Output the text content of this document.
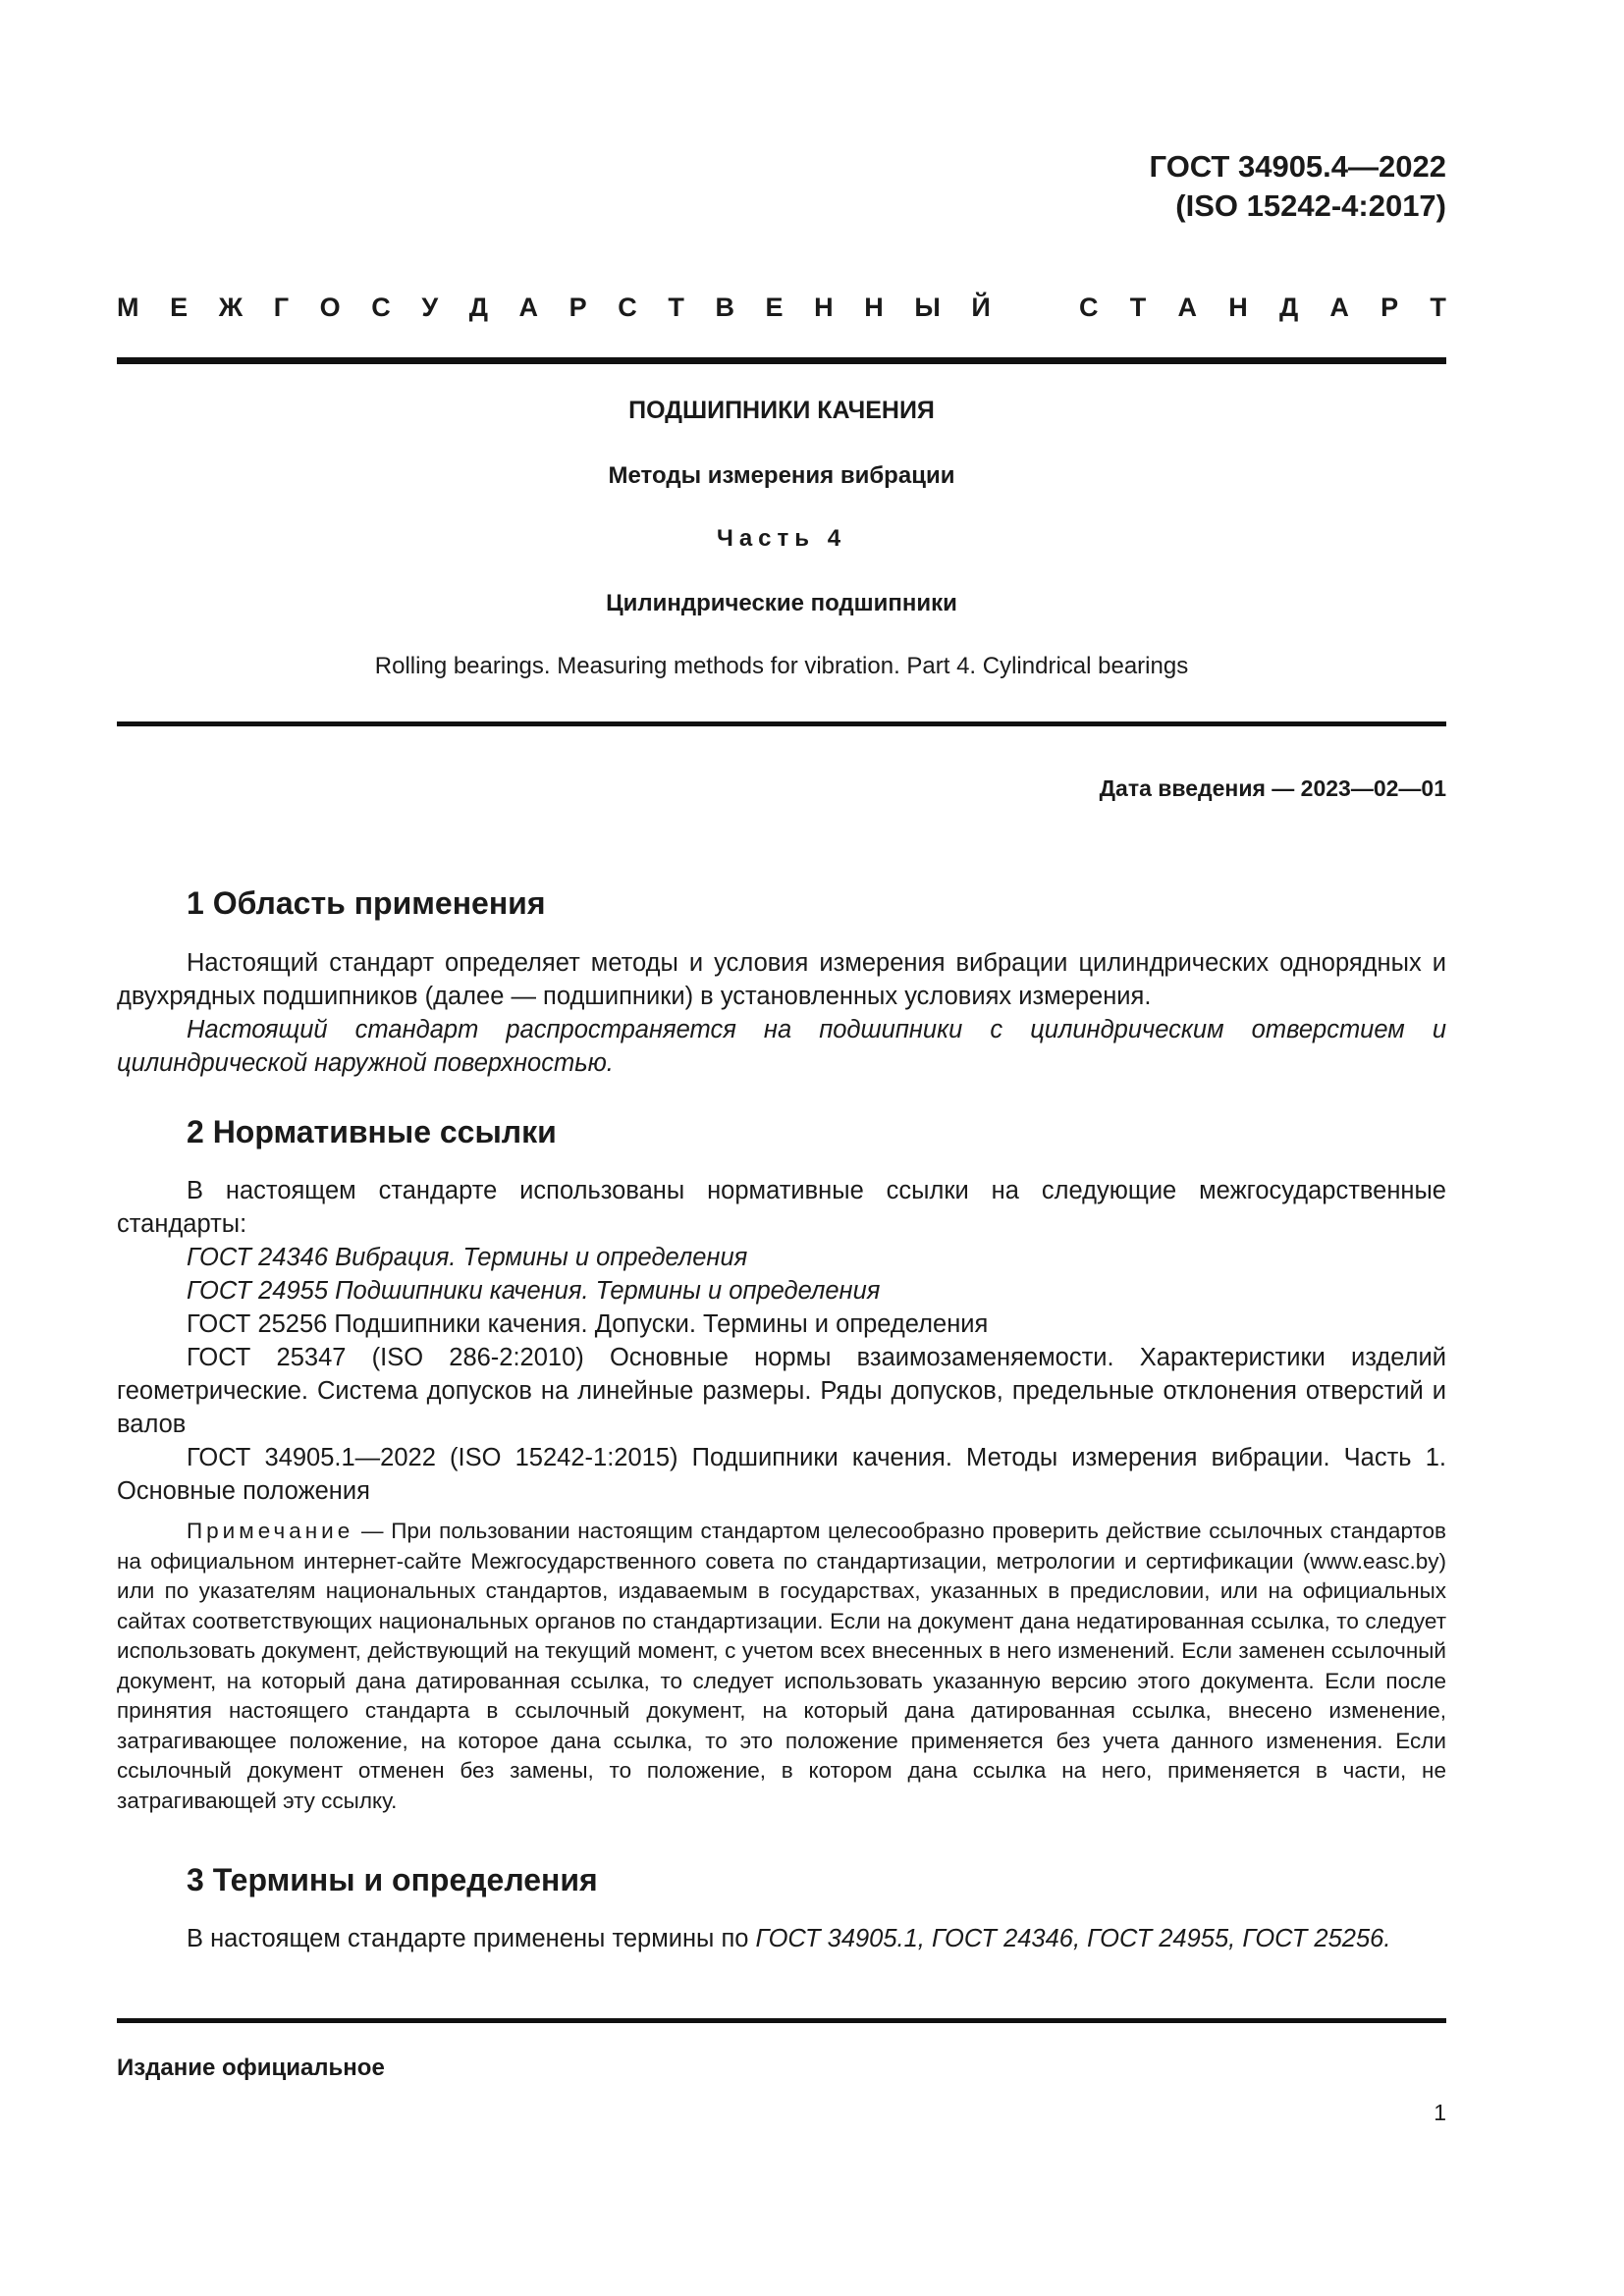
ГОСТ 34905.4—2022
(ISO 15242-4:2017)
М Е Ж Г О С У Д А Р С Т В Е Н Н Ы Й	С Т А Н Д А Р Т
ПОДШИПНИКИ КАЧЕНИЯ
Методы измерения вибрации
Часть 4
Цилиндрические подшипники
Rolling bearings. Measuring methods for vibration. Part 4. Cylindrical bearings
Дата введения — 2023—02—01
1 Область применения

Настоящий стандарт определяет методы и условия измерения вибрации цилиндрических однорядных и двухрядных подшипников (далее — подшипники) в установленных условиях измерения.

Настоящий стандарт распространяется на подшипники с цилиндрическим отверстием и цилиндрической наружной поверхностью.

2 Нормативные ссылки

В настоящем стандарте использованы нормативные ссылки на следующие межгосударственные стандарты:

ГОСТ 24346 Вибрация. Термины и определения

ГОСТ 24955 Подшипники качения. Термины и определения

ГОСТ 25256 Подшипники качения. Допуски. Термины и определения

ГОСТ 25347 (ISO 286-2:2010) Основные нормы взаимозаменяемости. Характеристики изделий геометрические. Система допусков на линейные размеры. Ряды допусков, предельные отклонения отверстий и валов

ГОСТ 34905.1—2022 (ISO 15242-1:2015) Подшипники качения. Методы измерения вибрации. Часть 1. Основные положения

Примечание — При пользовании настоящим стандартом целесообразно проверить действие ссылочных стандартов на официальном интернет-сайте Межгосударственного совета по стандартизации, метрологии и сертификации (www.easc.by) или по указателям национальных стандартов, издаваемым в государствах, указанных в предисловии, или на официальных сайтах соответствующих национальных органов по стандартизации. Если на документ дана недатированная ссылка, то следует использовать документ, действующий на текущий момент, с учетом всех внесенных в него изменений. Если заменен ссылочный документ, на который дана датированная ссылка, то следует использовать указанную версию этого документа. Если после принятия настоящего стандарта в ссылочный документ, на который дана датированная ссылка, внесено изменение, затрагивающее положение, на которое дана ссылка, то это положение применяется без учета данного изменения. Если ссылочный документ отменен без замены, то положение, в котором дана ссылка на него, применяется в части, не затрагивающей эту ссылку.

3 Термины и определения

В настоящем стандарте применены термины по ГОСТ 34905.1, ГОСТ 24346, ГОСТ 24955, ГОСТ 25256.

Издание официальное
1
